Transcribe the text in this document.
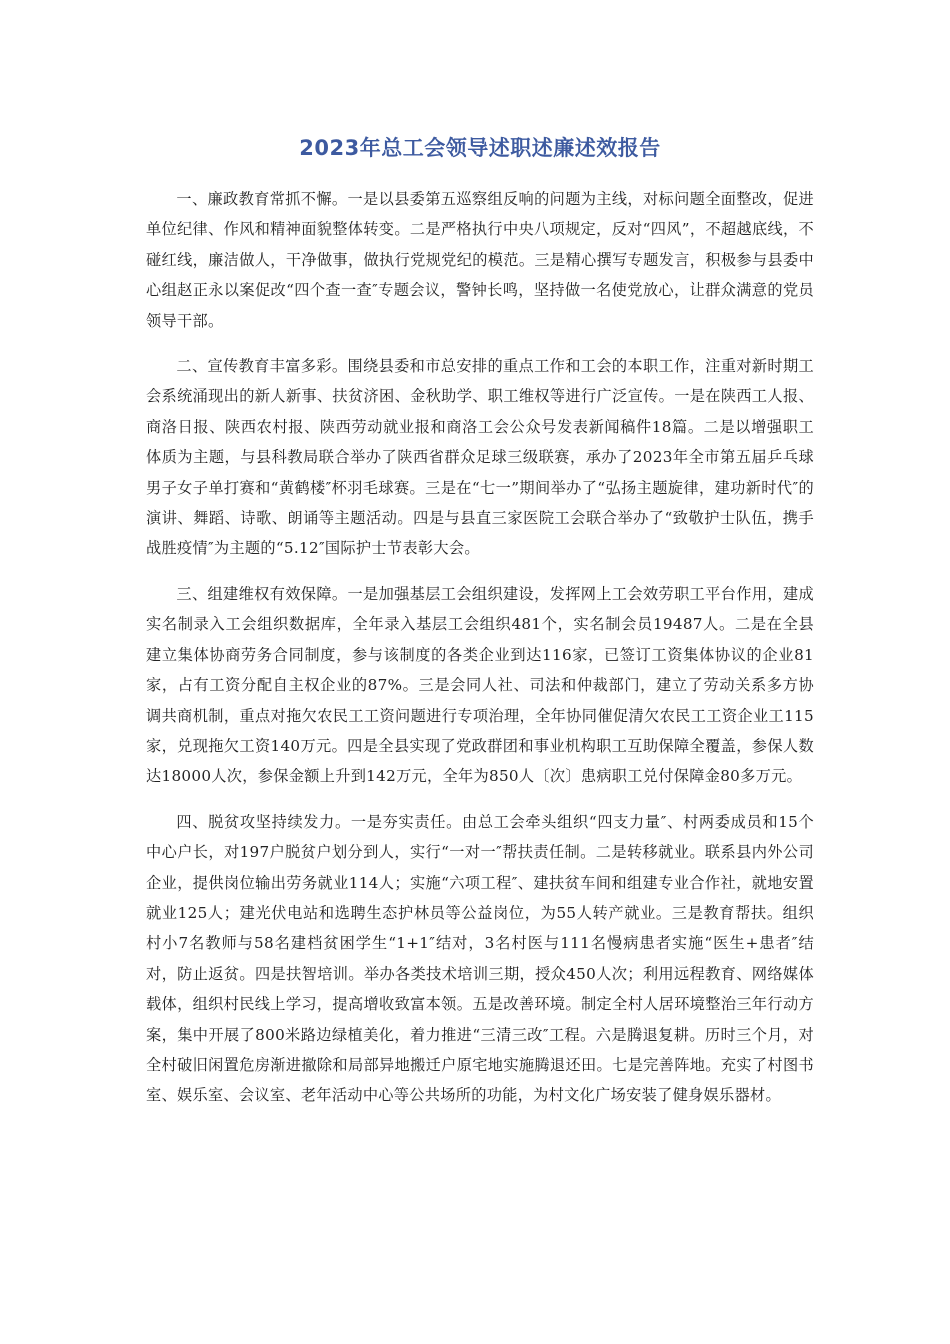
2023年总工会领导述职述廉述效报告

一、廉政教育常抓不懈。一是以县委第五巡察组反响的问题为主线，对标问题全面整改，促进单位纪律、作风和精神面貌整体转变。二是严格执行中央八项规定，反对“四风”，不超越底线，不碰红线，廉洁做人，干净做事，做执行党规党纪的模范。三是精心撰写专题发言，积极参与县委中心组赵正永以案促改“四个查一查″专题会议，警钟长鸣，坚持做一名使党放心，让群众满意的党员领导干部。

二、宣传教育丰富多彩。围绕县委和市总安排的重点工作和工会的本职工作，注重对新时期工会系统涌现出的新人新事、扶贫济困、金秋助学、职工维权等进行广泛宣传。一是在陕西工人报、商洛日报、陕西农村报、陕西劳动就业报和商洛工会公众号发表新闻稿件18篇。二是以增强职工体质为主题，与县科教局联合举办了陕西省群众足球三级联赛，承办了2023年全市第五届乒乓球男子女子单打赛和“黄鹤楼″杯羽毛球赛。三是在“七一”期间举办了“弘扬主题旋律，建功新时代″的演讲、舞蹈、诗歌、朗诵等主题活动。四是与县直三家医院工会联合举办了“致敬护士队伍，携手战胜疫情″为主题的“5.12″国际护士节表彰大会。

三、组建维权有效保障。一是加强基层工会组织建设，发挥网上工会效劳职工平台作用，建成实名制录入工会组织数据库，全年录入基层工会组织481个，实名制会员19487人。二是在全县建立集体协商劳务合同制度，参与该制度的各类企业到达116家，已签订工资集体协议的企业81家，占有工资分配自主权企业的87%。三是会同人社、司法和仲裁部门，建立了劳动关系多方协调共商机制，重点对拖欠农民工工资问题进行专项治理，全年协同催促清欠农民工工资企业工115家，兑现拖欠工资140万元。四是全县实现了党政群团和事业机构职工互助保障全覆盖，参保人数达18000人次，参保金额上升到142万元，全年为850人〔次〕患病职工兑付保障金80多万元。

四、脱贫攻坚持续发力。一是夯实责任。由总工会牵头组织“四支力量″、村两委成员和15个中心户长，对197户脱贫户划分到人，实行“一对一″帮扶责任制。二是转移就业。联系县内外公司企业，提供岗位输出劳务就业114人；实施“六项工程″、建扶贫车间和组建专业合作社，就地安置就业125人；建光伏电站和选聘生态护林员等公益岗位，为55人转产就业。三是教育帮扶。组织村小7名教师与58名建档贫困学生“1+1″结对，3名村医与111名慢病患者实施“医生+患者″结对，防止返贫。四是扶智培训。举办各类技术培训三期，授众450人次；利用远程教育、网络媒体载体，组织村民线上学习，提高增收致富本领。五是改善环境。制定全村人居环境整治三年行动方案，集中开展了800米路边绿植美化，着力推进“三清三改″工程。六是腾退复耕。历时三个月，对全村破旧闲置危房渐进撤除和局部异地搬迁户原宅地实施腾退还田。七是完善阵地。充实了村图书室、娱乐室、会议室、老年活动中心等公共场所的功能，为村文化广场安装了健身娱乐器材。
